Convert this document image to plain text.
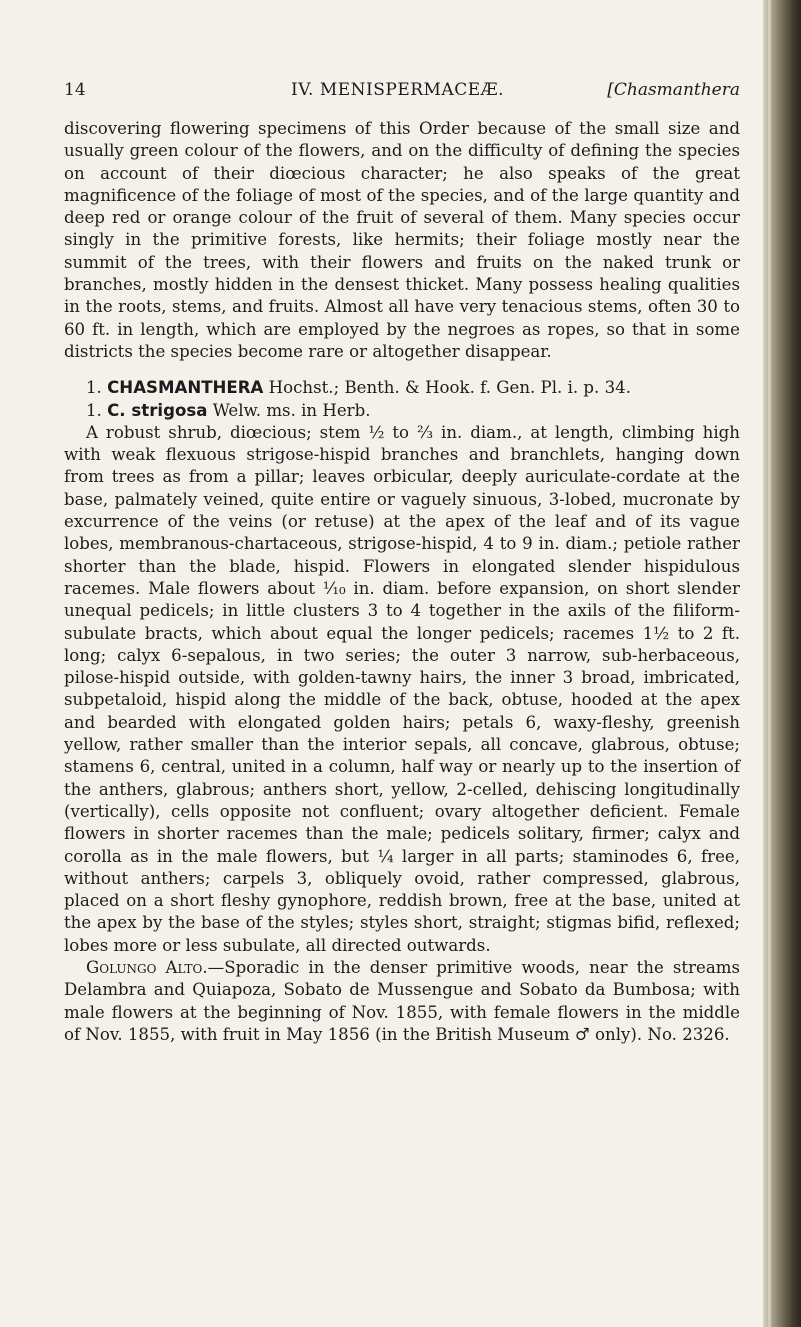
14	IV. MENISPERMACEÆ.	[Chasmanthera

discovering flowering specimens of this Order because of the small size and usually green colour of the flowers, and on the difficulty of defining the species on account of their diœcious character; he also speaks of the great magnificence of the foliage of most of the species, and of the large quantity and deep red or orange colour of the fruit of several of them. Many species occur singly in the primitive forests, like hermits; their foliage mostly near the summit of the trees, with their flowers and fruits on the naked trunk or branches, mostly hidden in the densest thicket. Many possess healing qualities in the roots, stems, and fruits. Almost all have very tenacious stems, often 30 to 60 ft. in length, which are employed by the negroes as ropes, so that in some districts the species become rare or altogether disappear.

1. CHASMANTHERA Hochst.; Benth. & Hook. f. Gen. Pl. i. p. 34.

1. C. strigosa Welw. ms. in Herb.

A robust shrub, diœcious; stem ½ to ⅔ in. diam., at length, climbing high with weak flexuous strigose-hispid branches and branchlets, hanging down from trees as from a pillar; leaves orbicular, deeply auriculate-cordate at the base, palmately veined, quite entire or vaguely sinuous, 3-lobed, mucronate by excurrence of the veins (or retuse) at the apex of the leaf and of its vague lobes, membranous-chartaceous, strigose-hispid, 4 to 9 in. diam.; petiole rather shorter than the blade, hispid. Flowers in elongated slender hispidulous racemes. Male flowers about ¹⁄₁₀ in. diam. before expansion, on short slender unequal pedicels; in little clusters 3 to 4 together in the axils of the filiform-subulate bracts, which about equal the longer pedicels; racemes 1½ to 2 ft. long; calyx 6-sepalous, in two series; the outer 3 narrow, sub-herbaceous, pilose-hispid outside, with golden-tawny hairs, the inner 3 broad, imbricated, subpetaloid, hispid along the middle of the back, obtuse, hooded at the apex and bearded with elongated golden hairs; petals 6, waxy-fleshy, greenish yellow, rather smaller than the interior sepals, all concave, glabrous, obtuse; stamens 6, central, united in a column, half way or nearly up to the insertion of the anthers, glabrous; anthers short, yellow, 2-celled, dehiscing longitudinally (vertically), cells opposite not confluent; ovary altogether deficient. Female flowers in shorter racemes than the male; pedicels solitary, firmer; calyx and corolla as in the male flowers, but ¼ larger in all parts; staminodes 6, free, without anthers; carpels 3, obliquely ovoid, rather compressed, glabrous, placed on a short fleshy gynophore, reddish brown, free at the base, united at the apex by the base of the styles; styles short, straight; stigmas bifid, reflexed; lobes more or less subulate, all directed outwards.

Golungo Alto.—Sporadic in the denser primitive woods, near the streams Delambra and Quiapoza, Sobato de Mussengue and Sobato da Bumbosa; with male flowers at the beginning of Nov. 1855, with female flowers in the middle of Nov. 1855, with fruit in May 1856 (in the British Museum ♂ only). No. 2326.
